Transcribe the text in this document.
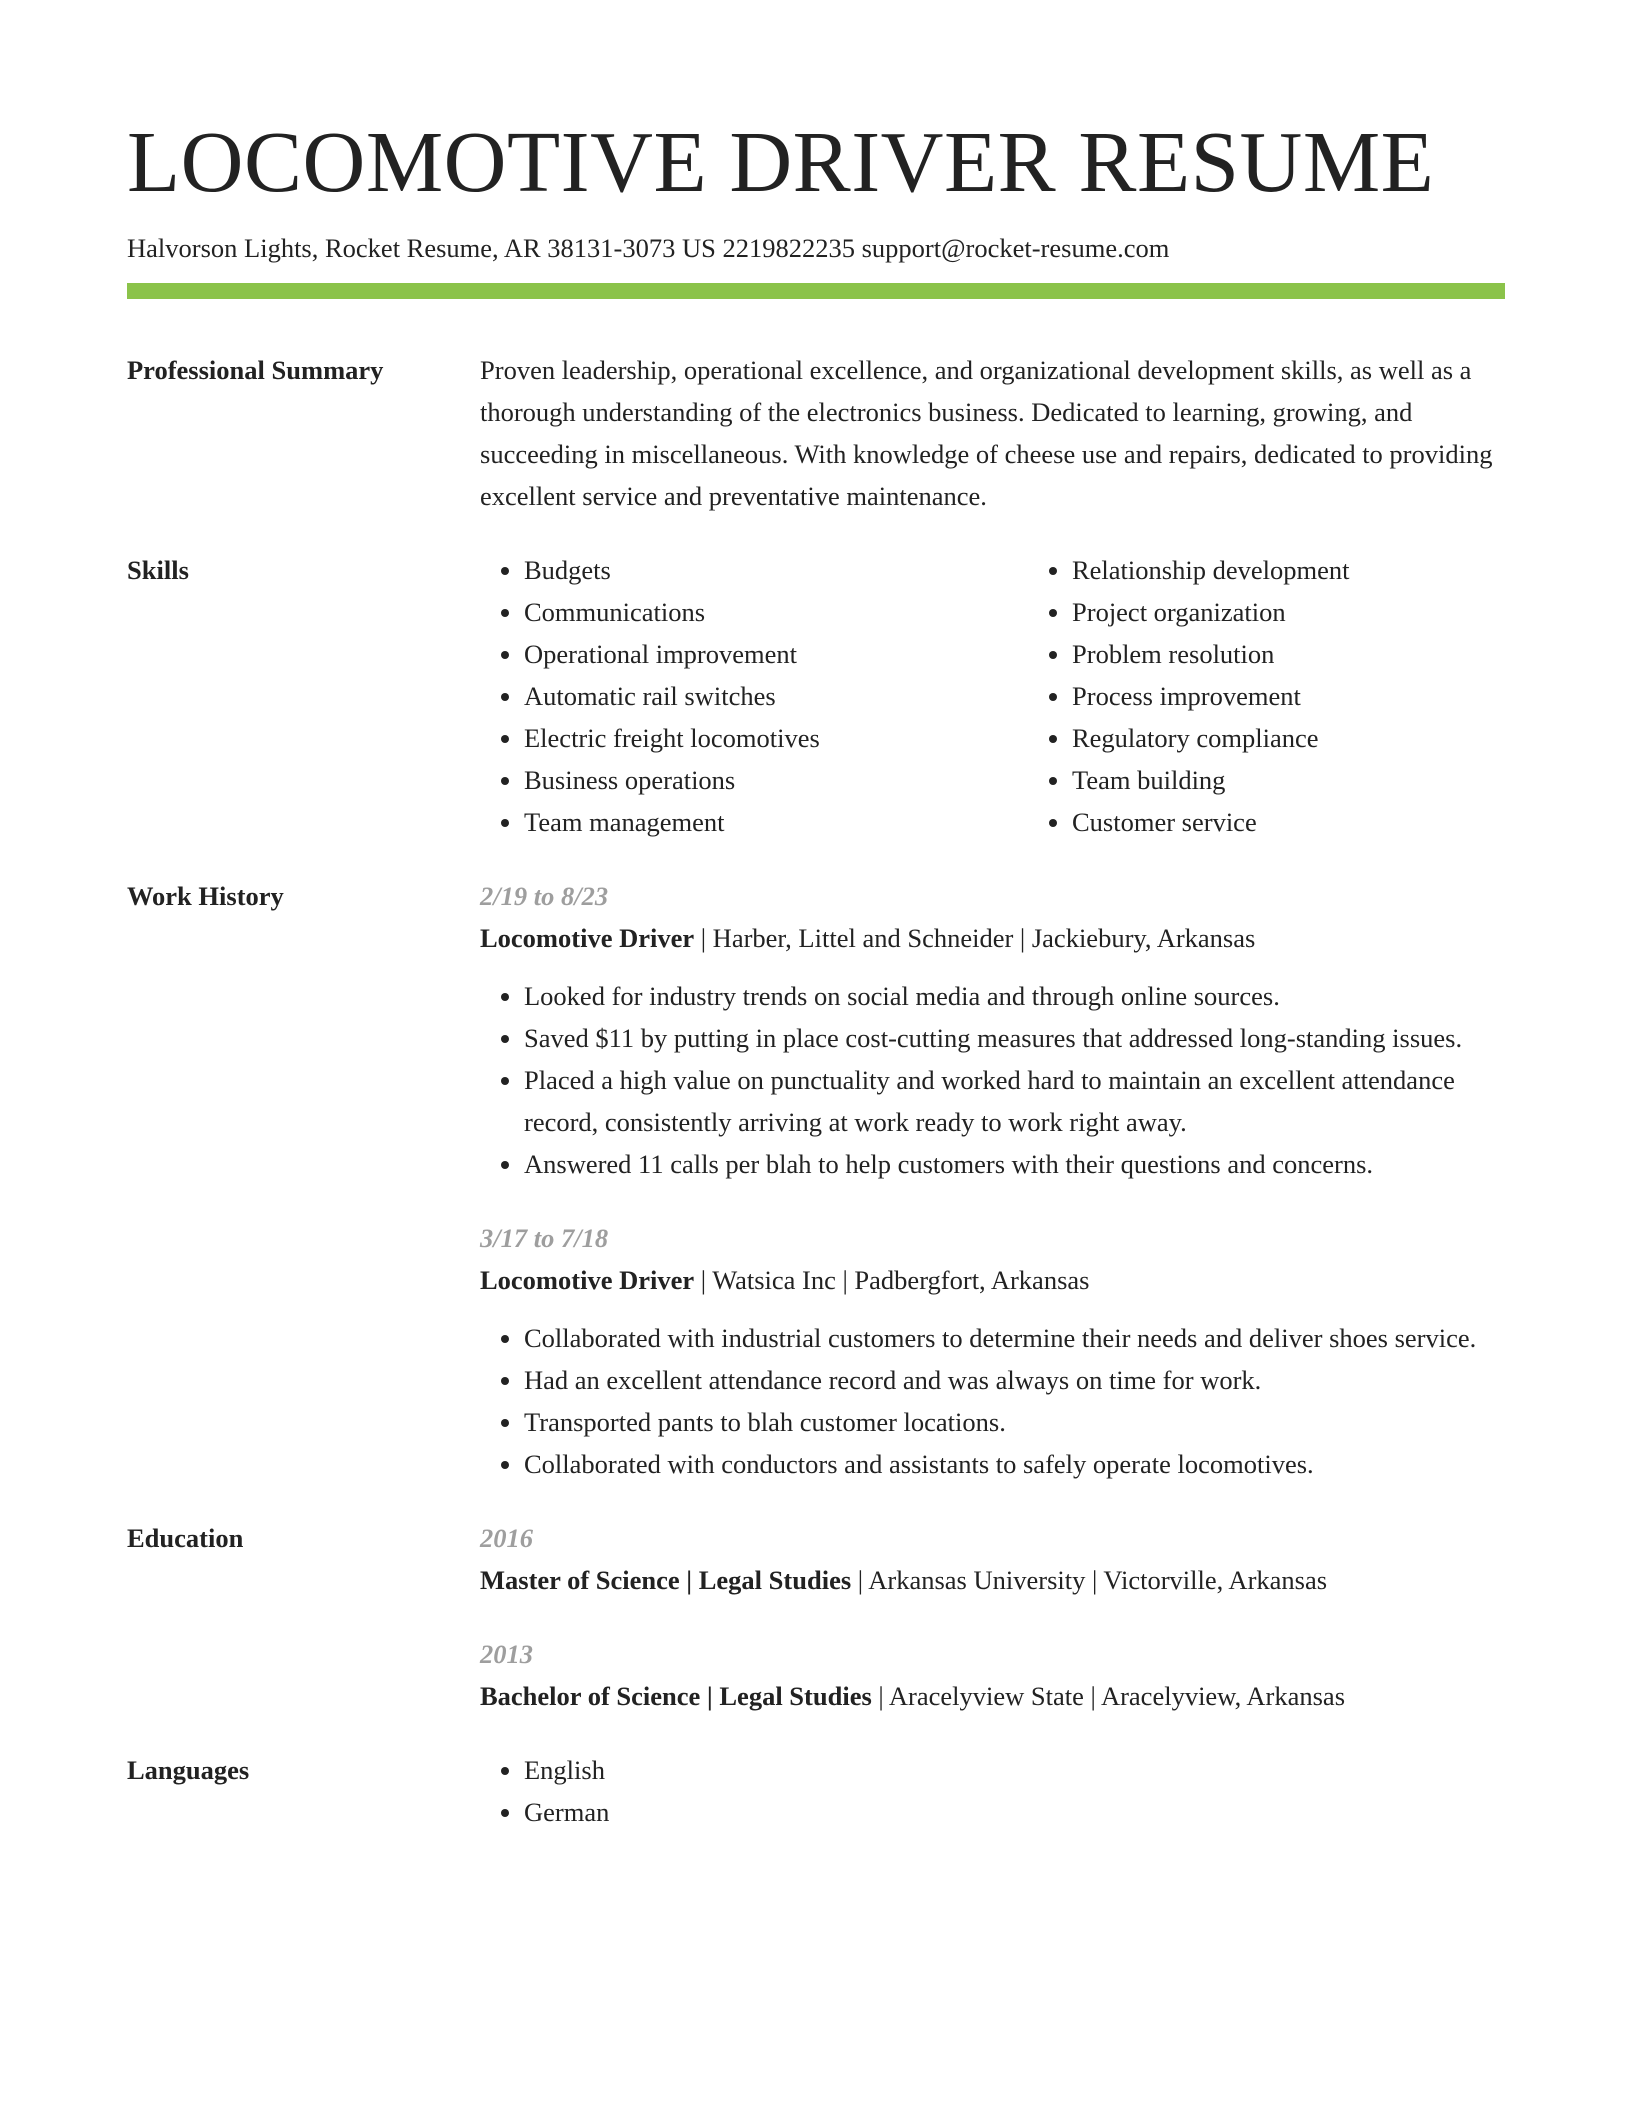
LOCOMOTIVE DRIVER RESUME
Halvorson Lights, Rocket Resume, AR 38131-3073 US 2219822235 support@rocket-resume.com
Professional Summary	Proven leadership, operational excellence, and organizational development skills, as well as a thorough understanding of the electronics business. Dedicated to learning, growing, and succeeding in miscellaneous. With knowledge of cheese use and repairs, dedicated to providing excellent service and preventative maintenance.
Skills	• Budgets
• Communications
• Operational improvement
• Automatic rail switches
• Electric freight locomotives
• Business operations
• Team management
• Relationship development
• Project organization
• Problem resolution
• Process improvement
• Regulatory compliance
• Team building
• Customer service
Work History	2/19 to 8/23
Locomotive Driver | Harber, Littel and Schneider | Jackiebury, Arkansas
• Looked for industry trends on social media and through online sources.
• Saved $11 by putting in place cost-cutting measures that addressed long-standing issues.
• Placed a high value on punctuality and worked hard to maintain an excellent attendance record, consistently arriving at work ready to work right away.
• Answered 11 calls per blah to help customers with their questions and concerns.
3/17 to 7/18
Locomotive Driver | Watsica Inc | Padbergfort, Arkansas
• Collaborated with industrial customers to determine their needs and deliver shoes service.
• Had an excellent attendance record and was always on time for work.
• Transported pants to blah customer locations.
• Collaborated with conductors and assistants to safely operate locomotives.
Education	2016
Master of Science | Legal Studies | Arkansas University | Victorville, Arkansas
2013
Bachelor of Science | Legal Studies | Aracelyview State | Aracelyview, Arkansas
Languages	• English
• German
